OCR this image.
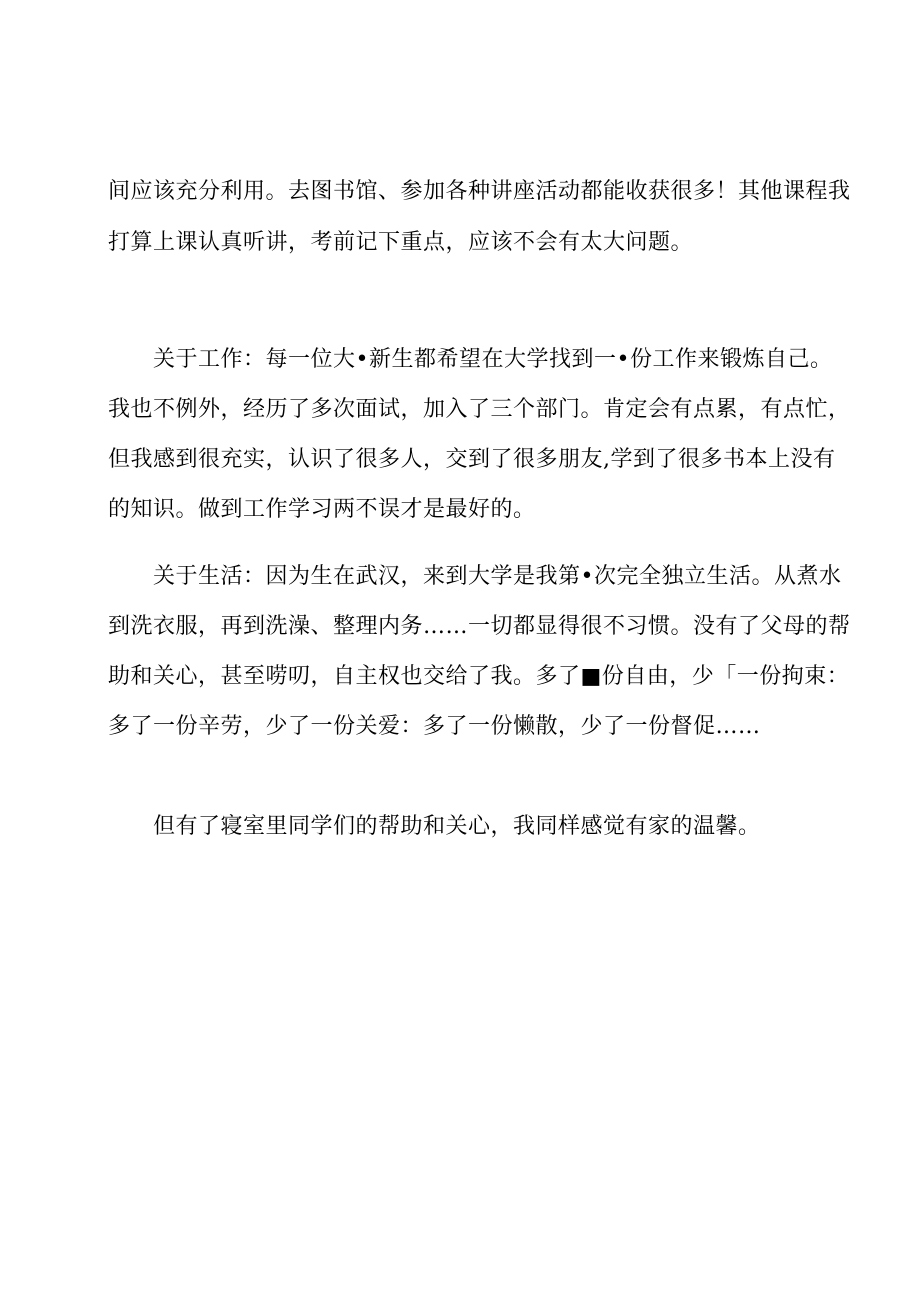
间应该充分利用。去图书馆、参加各种讲座活动都能收获很多！其他课程我
打算上课认真听讲，考前记下重点，应该不会有太大问题。
关于工作：每一位大•新生都希望在大学找到一•份工作来锻炼自己。
我也不例外，经历了多次面试，加入了三个部门。肯定会有点累，有点忙，
但我感到很充实，认识了很多人，交到了很多朋友,学到了很多书本上没有
的知识。做到工作学习两不误才是最好的。
关于生活：因为生在武汉，来到大学是我第•次完全独立生活。从煮水
到洗衣服，再到洗澡、整理内务……一切都显得很不习惯。没有了父母的帮
助和关心，甚至唠叨，自主权也交给了我。多了■份自由，少「一份拘束：
多了一份辛劳，少了一份关爱：多了一份懒散，少了一份督促……
但有了寝室里同学们的帮助和关心，我同样感觉有家的温馨。
